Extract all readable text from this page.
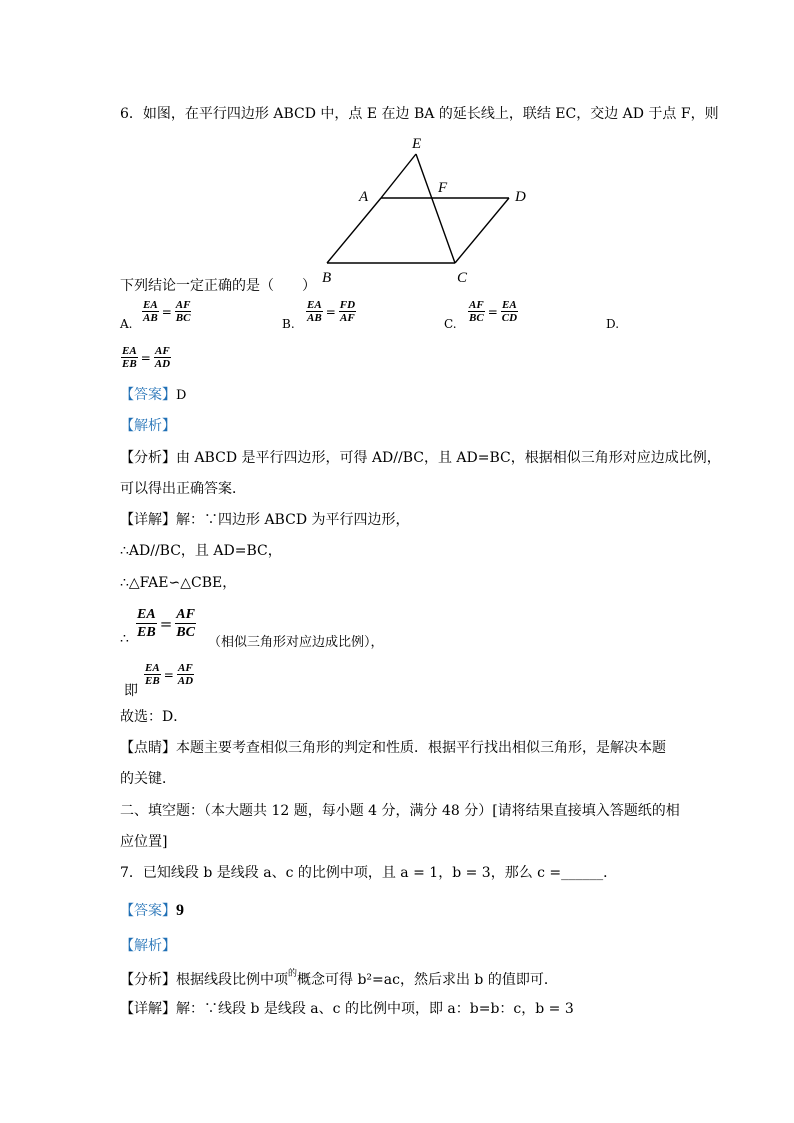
6．如图，在平行四边形 ABCD 中，点 E 在边 BA 的延长线上，联结 EC，交边 AD 于点 F，则
E
A
F
D
B	C
下列结论一定正确的是（　　）
A. $\frac{EA}{AB} = \frac{AF}{BC}$	B. $\frac{EA}{AB} = \frac{FD}{AF}$	C. $\frac{AF}{BC} = \frac{EA}{CD}$	D.
$\frac{EA}{EB} = \frac{AF}{AD}$
【答案】D
【解析】
【分析】由 ABCD 是平行四边形，可得 AD//BC，且 AD=BC，根据相似三角形对应边成比例，
可以得出正确答案．
【详解】解：∵四边形 ABCD 为平行四边形，
∴AD//BC，且 AD=BC，
∴△FAE∽△CBE，
∴ $\frac{EA}{EB} = \frac{AF}{BC}$
（相似三角形对应边成比例），
即
$\frac{EA}{EB} = \frac{AF}{AD}$
故选：D．
【点睛】本题主要考查相似三角形的判定和性质．根据平行找出相似三角形，是解决本题
的关键．
二、填空题：（本大题共 12 题，每小题 4 分，满分 48 分）[请将结果直接填入答题纸的相
应位置]
7．已知线段 b 是线段 a、c 的比例中项，且 a = 1，b = 3，那么 c =______．
【答案】9
【解析】
【分析】根据线段比例中项$^的$概念可得 b²=ac，然后求出 b 的值即可．
【详解】解：∵线段 b 是线段 a、c 的比例中项，即 a：b=b：c，b = 3
